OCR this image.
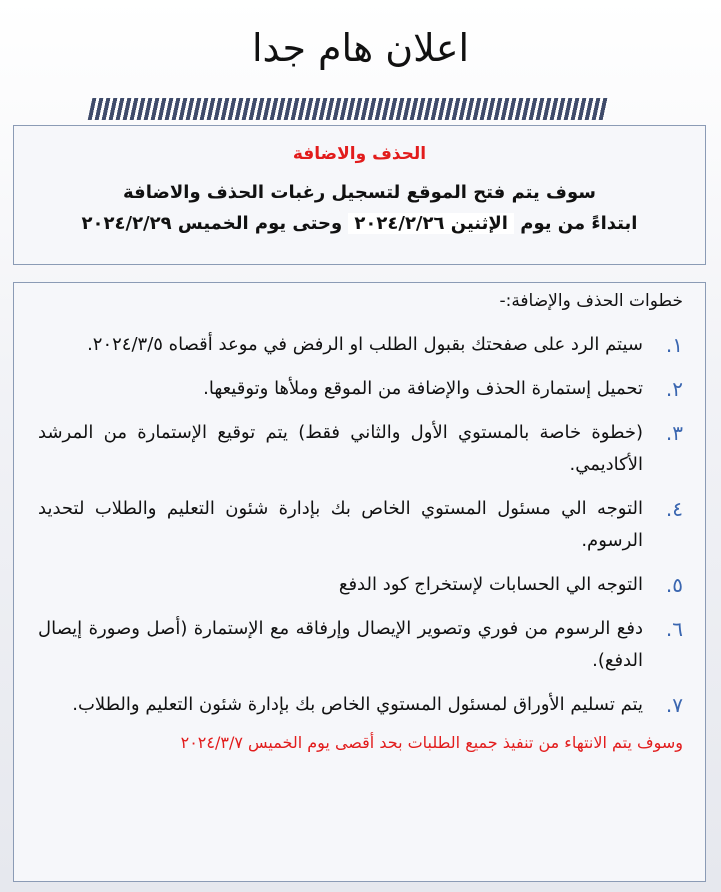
اعلان هام جدا
الحذف والاضافة
سوف يتم فتح الموقع لتسجيل رغبات الحذف والاضافة
ابتداءً من يوم الإثنين ٢٠٢٤/٢/٢٦ وحتى يوم الخميس ٢٠٢٤/٢/٢٩
خطوات الحذف والإضافة:-
١.
سيتم الرد على صفحتك بقبول الطلب او الرفض في موعد أقصاه ٢٠٢٤/٣/٥.
٢.
تحميل إستمارة الحذف والإضافة من الموقع وملأها وتوقيعها.
٣.
(خطوة خاصة بالمستوي الأول والثاني فقط) يتم توقيع الإستمارة من المرشد الأكاديمي.
٤.
التوجه الي مسئول المستوي الخاص بك بإدارة شئون التعليم والطلاب لتحديد الرسوم.
٥.
التوجه الي الحسابات لإستخراج كود الدفع
٦.
دفع الرسوم من فوري وتصوير الإيصال وإرفاقه مع الإستمارة (أصل وصورة إيصال الدفع).
٧.
يتم تسليم الأوراق لمسئول المستوي الخاص بك بإدارة شئون التعليم والطلاب.
وسوف يتم الانتهاء من تنفيذ جميع الطلبات بحد أقصى يوم الخميس ٢٠٢٤/٣/٧
